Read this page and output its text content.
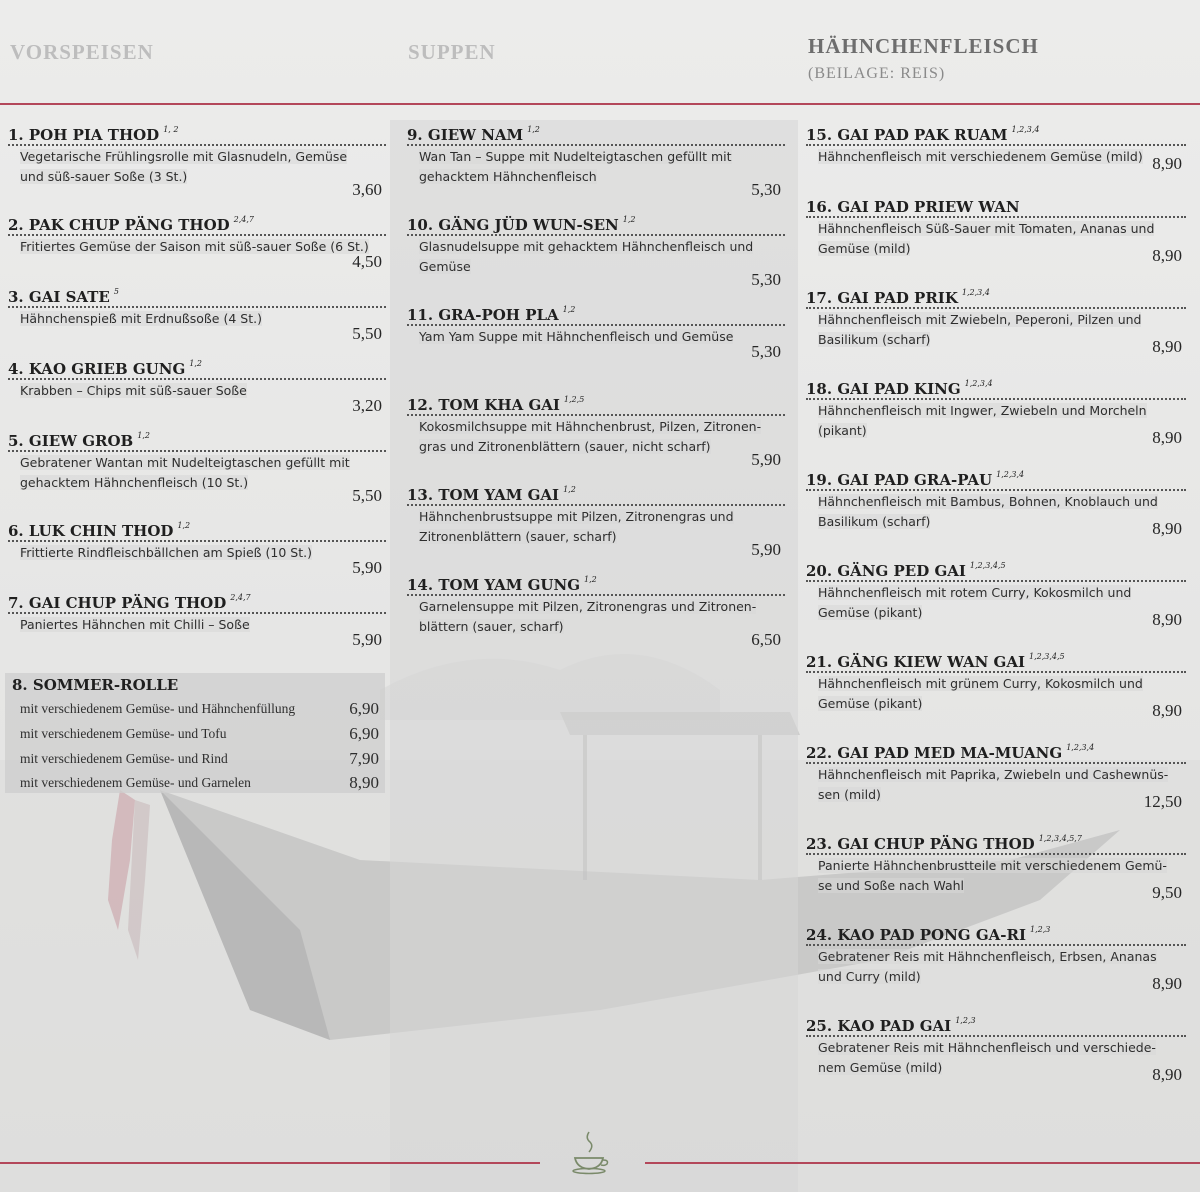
VORSPEISEN	SUPPEN	HÄHNCHENFLEISCH
(BEILAGE: REIS)
1. POH PIA THOD $^{1, 2}$
Vegetarische Frühlingsrolle mit Glasnudeln, Gemüse
und süß-sauer Soße (3 St.)

3,60
2. PAK CHUP PÄNG THOD $^{2,4,7}$
Fritiertes Gemüse der Saison mit süß-sauer Soße (6 St.)

4,50
3. GAI SATE $^5$
Hähnchenspieß mit Erdnußsoße (4 St.)

5,50
4. KAO GRIEB GUNG $^{1,2}$
Krabben – Chips mit süß-sauer Soße

3,20
5. GIEW GROB $^{1,2}$
Gebratener Wantan mit Nudelteigtaschen gefüllt mit
gehacktem Hähnchenfleisch (10 St.)

5,50
6. LUK CHIN THOD $^{1,2}$
Frittierte Rindfleischbällchen am Spieß (10 St.)

5,90
7. GAI CHUP PÄNG THOD $^{2,4,7}$
Paniertes Hähnchen mit Chilli – Soße

5,90
8. SOMMER-ROLLE
mit verschiedenem Gemüse- und Hähnchenfüllung	6,90
mit verschiedenem Gemüse- und Tofu	6,90
mit verschiedenem Gemüse- und Rind	7,90
mit verschiedenem Gemüse- und Garnelen	8,90
9. GIEW NAM $^{1,2}$
Wan Tan – Suppe mit Nudelteigtaschen gefüllt mit
gehacktem Hähnchenfleisch

5,30
10. GÄNG JÜD WUN-SEN $^{1,2}$
Glasnudelsuppe mit gehacktem Hähnchenfleisch und
Gemüse

5,30
11. GRA-POH PLA $^{1,2}$
Yam Yam Suppe mit Hähnchenfleisch und Gemüse

5,30
12. TOM KHA GAI $^{1,2,5}$
Kokosmilchsuppe mit Hähnchenbrust, Pilzen, Zitronen-
gras und Zitronenblättern (sauer, nicht scharf)

5,90
13. TOM YAM GAI $^{1,2}$
Hähnchenbrustsuppe mit Pilzen, Zitronengras und
Zitronenblättern (sauer, scharf)

5,90
14. TOM YAM GUNG $^{1,2}$
Garnelensuppe mit Pilzen, Zitronengras und Zitronen-
blättern (sauer, scharf)

6,50
15. GAI PAD PAK RUAM $^{1,2,3,4}$
Hähnchenfleisch mit verschiedenem Gemüse (mild) 8,90
16. GAI PAD PRIEW WAN
Hähnchenfleisch Süß-Sauer mit Tomaten, Ananas und
Gemüse (mild)	8,90
17. GAI PAD PRIK $^{1,2,3,4}$
Hähnchenfleisch mit Zwiebeln, Peperoni, Pilzen und
Basilikum (scharf)	8,90
18. GAI PAD KING $^{1,2,3,4}$
Hähnchenfleisch mit Ingwer, Zwiebeln und Morcheln
(pikant)	8,90
19. GAI PAD GRA-PAU $^{1,2,3,4}$
Hähnchenfleisch mit Bambus, Bohnen, Knoblauch und
Basilikum (scharf)	8,90
20. GÄNG PED GAI $^{1,2,3,4,5}$
Hähnchenfleisch mit rotem Curry, Kokosmilch und
Gemüse (pikant)	8,90
21. GÄNG KIEW WAN GAI $^{1,2,3,4,5}$
Hähnchenfleisch mit grünem Curry, Kokosmilch und
Gemüse (pikant)	8,90
22. GAI PAD MED MA-MUANG $^{1,2,3,4}$
Hähnchenfleisch mit Paprika, Zwiebeln und Cashewnüs-
sen (mild)	12,50
23. GAI CHUP PÄNG THOD $^{1,2,3,4,5,7}$
Panierte Hähnchenbrustteile mit verschiedenem Gemü-
se und Soße nach Wahl	9,50
24. KAO PAD PONG GA-RI $^{1,2,3}$
Gebratener Reis mit Hähnchenfleisch, Erbsen, Ananas
und Curry (mild)	8,90
25. KAO PAD GAI $^{1,2,3}$
Gebratener Reis mit Hähnchenfleisch und verschiede-
nem Gemüse (mild)	8,90
